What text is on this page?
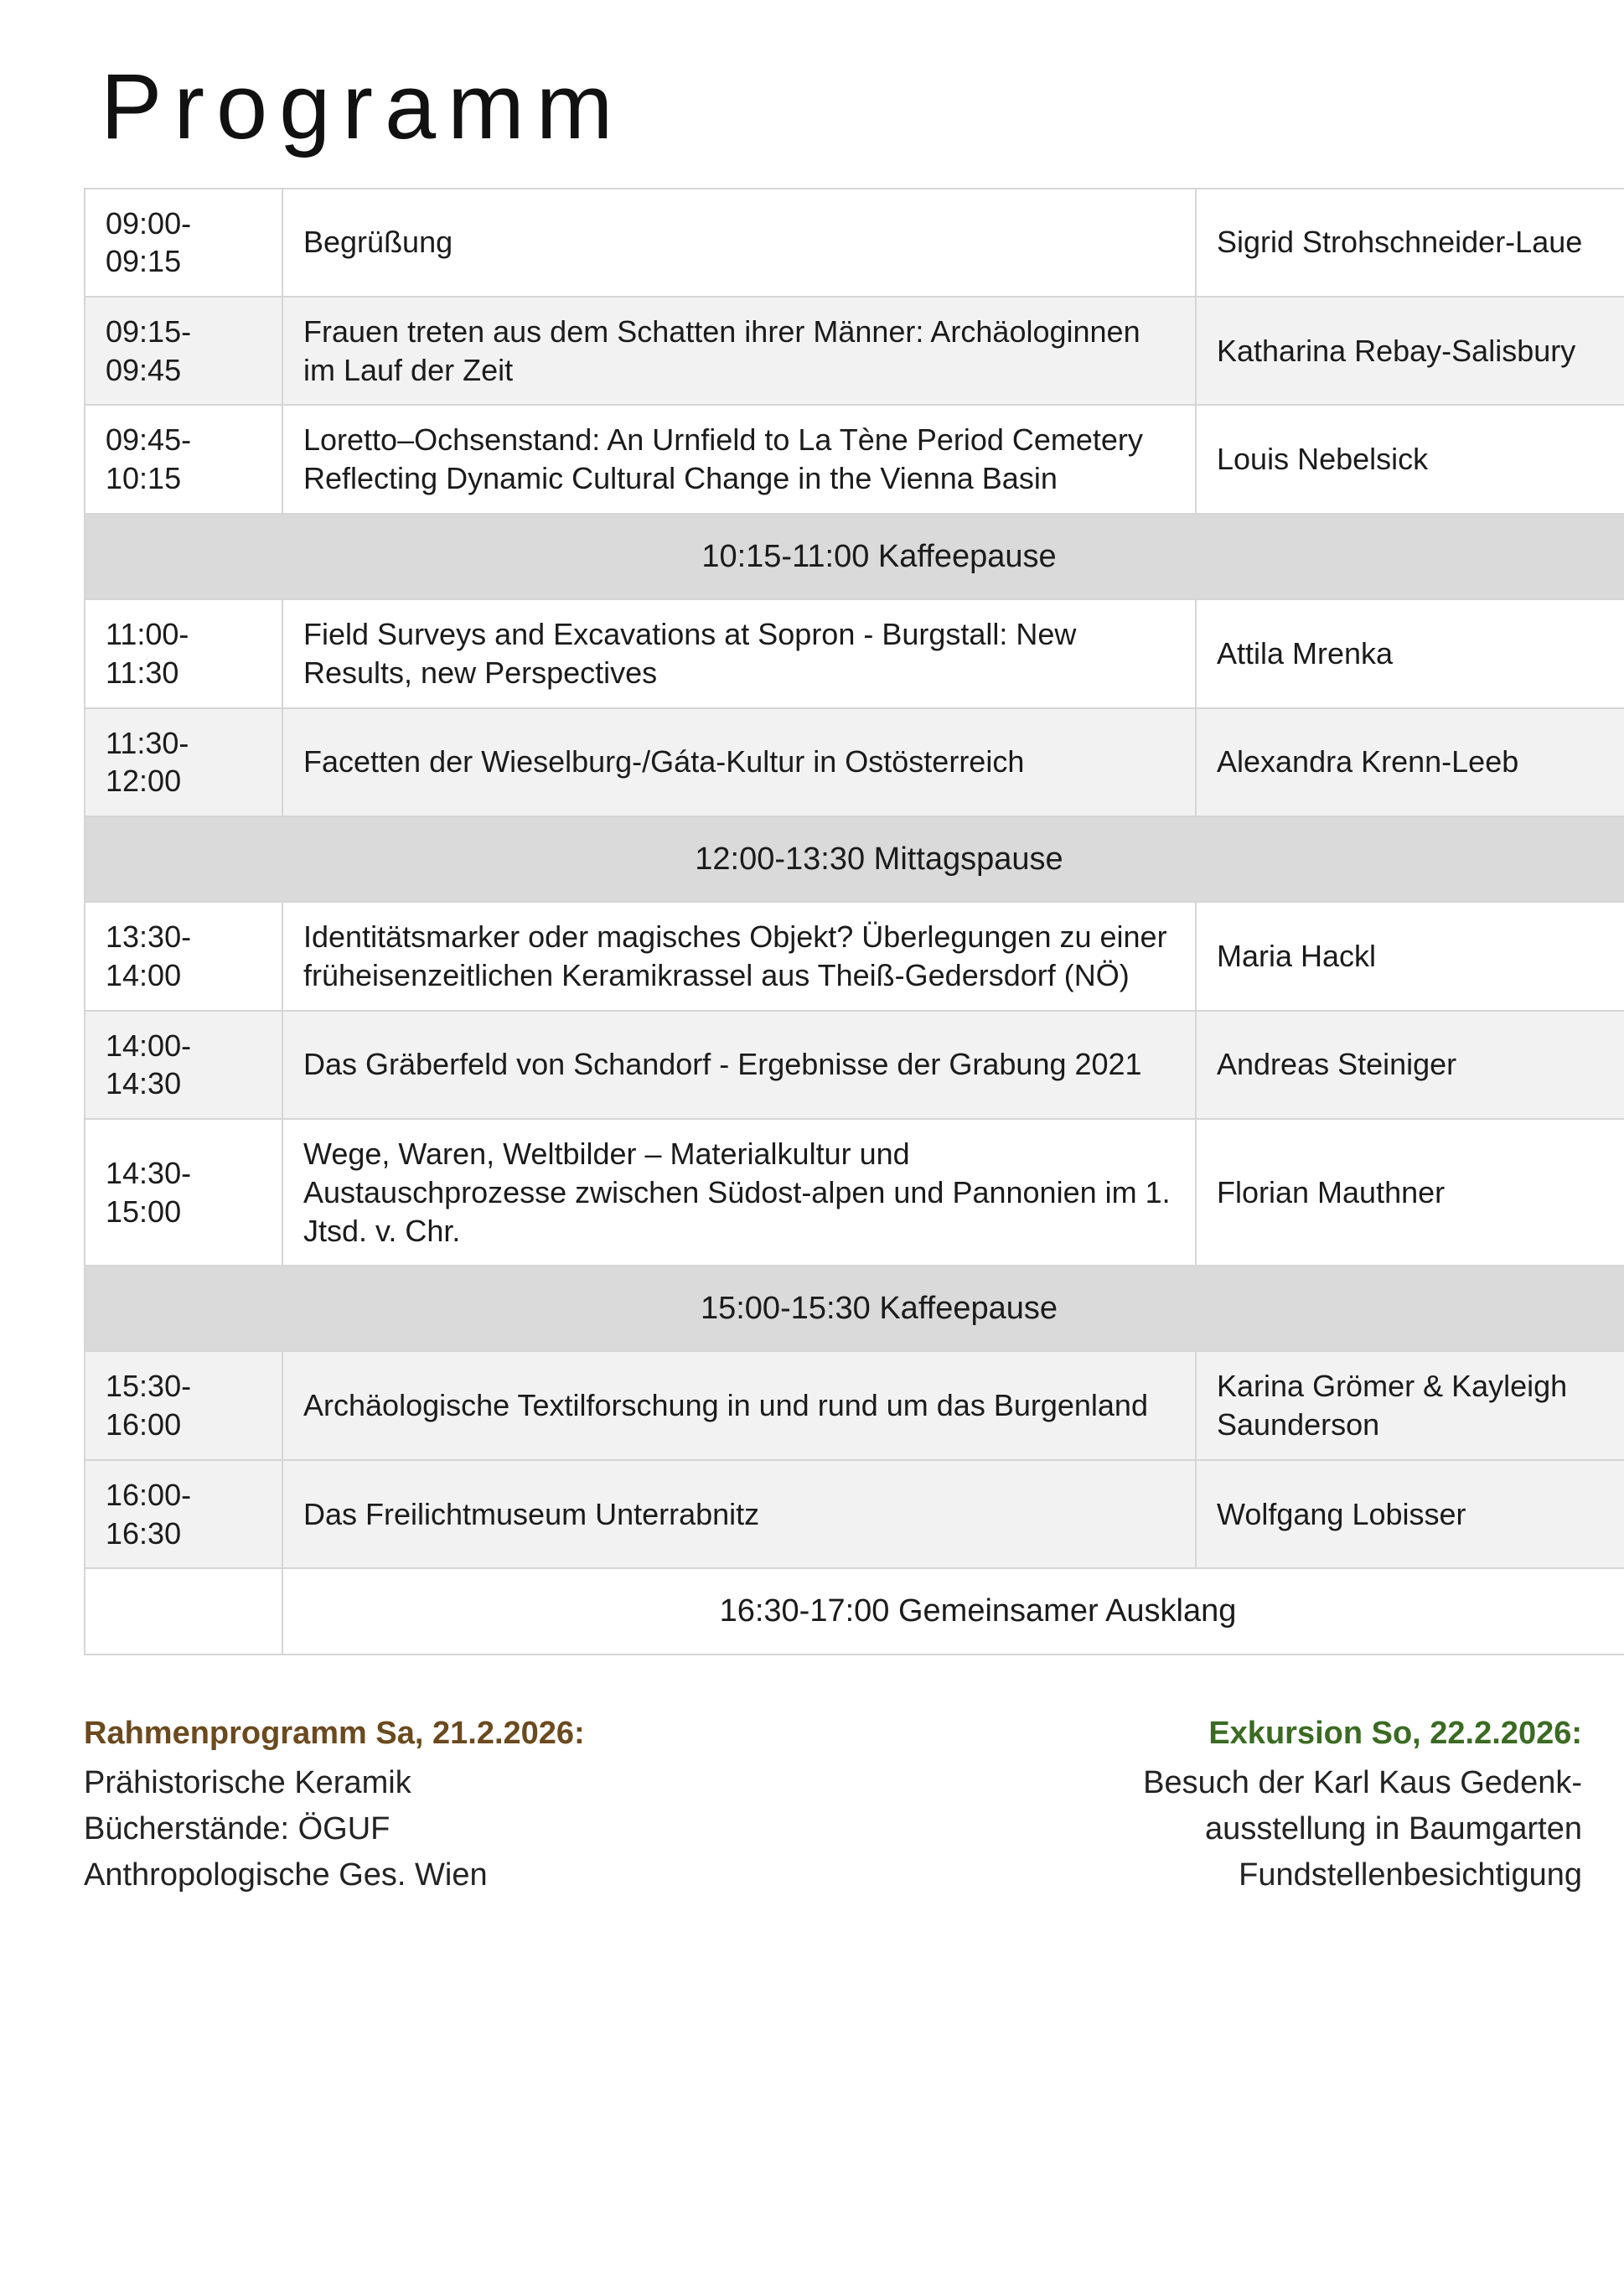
Programm
09:00-09:15	Begrüßung	Sigrid Strohschneider-Laue
09:15-09:45	Frauen treten aus dem Schatten ihrer Männer: Archäologinnen im Lauf der Zeit	Katharina Rebay-Salisbury
09:45-10:15	Loretto–Ochsenstand: An Urnfield to La Tène Period Cemetery Reflecting Dynamic Cultural Change in the Vienna Basin	Louis Nebelsick
10:15-11:00 Kaffeepause		
11:00-11:30	Field Surveys and Excavations at Sopron - Burgstall: New Results, new Perspectives	Attila Mrenka
11:30-12:00	Facetten der Wieselburg-/Gáta-Kultur in Ostösterreich	Alexandra Krenn-Leeb
12:00-13:30 Mittagspause		
13:30-14:00	Identitätsmarker oder magisches Objekt? Überlegungen zu einer früheisenzeitlichen Keramikrassel aus Theiß-Gedersdorf (NÖ)	Maria Hackl
14:00-14:30	Das Gräberfeld von Schandorf - Ergebnisse der Grabung 2021	Andreas Steiniger
14:30-15:00	Wege, Waren, Weltbilder – Materialkultur und Austauschprozesse zwischen Südost-alpen und Pannonien im 1. Jtsd. v. Chr.	Florian Mauthner
15:00-15:30 Kaffeepause		
15:30-16:00	Archäologische Textilforschung in und rund um das Burgenland	Karina Grömer & Kayleigh Saunderson
16:00-16:30	Das Freilichtmuseum Unterrabnitz	Wolfgang Lobisser
	16:30-17:00 Gemeinsamer Ausklang	
Rahmenprogramm Sa, 21.2.2026:
Prähistorische Keramik
Bücherstände: ÖGUF
Anthropologische Ges. Wien
Exkursion So, 22.2.2026:
Besuch der Karl Kaus Gedenk-
ausstellung in Baumgarten
Fundstellenbesichtigung
